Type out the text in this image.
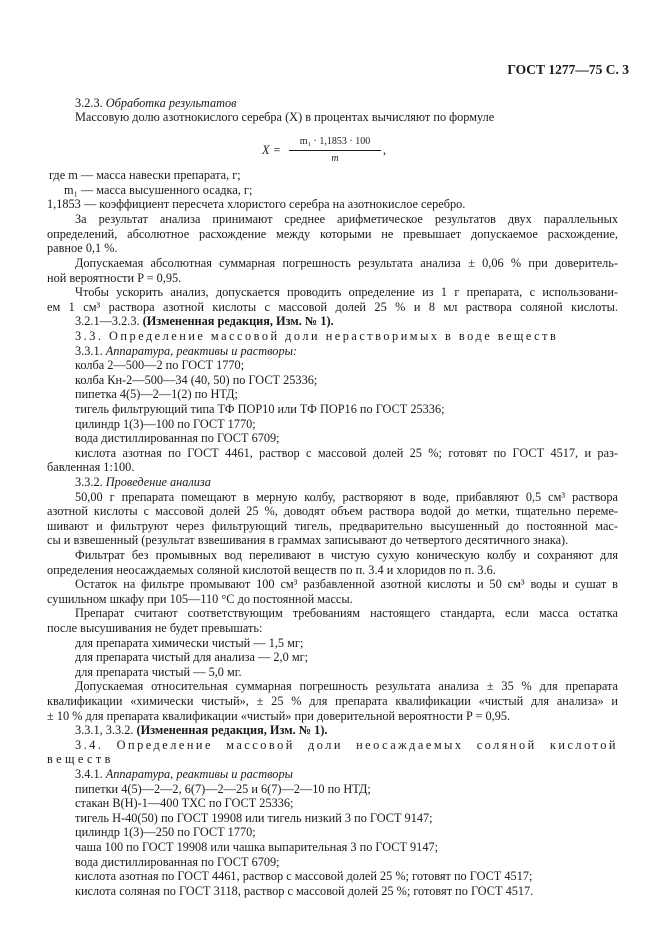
ГОСТ 1277—75 С. 3
3.2.3. Обработка результатов
Массовую долю азотнокислого серебра (X) в процентах вычисляют по формуле
X =
m₁ · 1,1853 · 100
m
,
где m — масса навески препарата, г;
m₁ — масса высушенного осадка, г;
1,1853 — коэффициент пересчета хлористого серебра на азотнокислое серебро.
За результат анализа принимают среднее арифметическое результатов двух параллельных
определений, абсолютное расхождение между которыми не превышает допускаемое расхождение,
равное 0,1 %.
Допускаемая абсолютная суммарная погрешность результата анализа ± 0,06 % при доверитель-
ной вероятности P = 0,95.
Чтобы ускорить анализ, допускается проводить определение из 1 г препарата, с использовани-
ем 1 см³ раствора азотной кислоты с массовой долей 25 % и 8 мл раствора соляной кислоты.
3.2.1—3.2.3. (Измененная редакция, Изм. № 1).
3.3. Определение массовой доли нерастворимых в воде веществ
3.3.1. Аппаратура, реактивы и растворы:
колба 2—500—2 по ГОСТ 1770;
колба Кн-2—500—34 (40, 50) по ГОСТ 25336;
пипетка 4(5)—2—1(2) по НТД;
тигель фильтрующий типа ТФ ПОР10 или ТФ ПОР16 по ГОСТ 25336;
цилиндр 1(3)—100 по ГОСТ 1770;
вода дистиллированная по ГОСТ 6709;
кислота азотная по ГОСТ 4461, раствор с массовой долей 25 %; готовят по ГОСТ 4517, и раз-
бавленная 1:100.
3.3.2. Проведение анализа
50,00 г препарата помещают в мерную колбу, растворяют в воде, прибавляют 0,5 см³ раствора
азотной кислоты с массовой долей 25 %, доводят объем раствора водой до метки, тщательно переме-
шивают и фильтруют через фильтрующий тигель, предварительно высушенный до постоянной мас-
сы и взвешенный (результат взвешивания в граммах записывают до четвертого десятичного знака).
Фильтрат без промывных вод переливают в чистую сухую коническую колбу и сохраняют для
определения неосаждаемых соляной кислотой веществ по п. 3.4 и хлоридов по п. 3.6.
Остаток на фильтре промывают 100 см³ разбавленной азотной кислоты и 50 см³ воды и сушат в
сушильном шкафу при 105—110 °С до постоянной массы.
Препарат считают соответствующим требованиям настоящего стандарта, если масса остатка
после высушивания не будет превышать:
для препарата химически чистый — 1,5 мг;
для препарата чистый для анализа — 2,0 мг;
для препарата чистый — 5,0 мг.
Допускаемая относительная суммарная погрешность результата анализа ± 35 % для препарата
квалификации «химически чистый», ± 25 % для препарата квалификации «чистый для анализа» и
± 10 % для препарата квалификации «чистый» при доверительной вероятности P = 0,95.
3.3.1, 3.3.2. (Измененная редакция, Изм. № 1).
3.4. Определение массовой доли неосаждаемых соляной кислотой
веществ
3.4.1. Аппаратура, реактивы и растворы
пипетки 4(5)—2—2, 6(7)—2—25 и 6(7)—2—10 по НТД;
стакан В(Н)-1—400 ТХС по ГОСТ 25336;
тигель Н-40(50) по ГОСТ 19908 или тигель низкий 3 по ГОСТ 9147;
цилиндр 1(3)—250 по ГОСТ 1770;
чаша 100 по ГОСТ 19908 или чашка выпарительная 3 по ГОСТ 9147;
вода дистиллированная по ГОСТ 6709;
кислота азотная по ГОСТ 4461, раствор с массовой долей 25 %; готовят по ГОСТ 4517;
кислота соляная по ГОСТ 3118, раствор с массовой долей 25 %; готовят по ГОСТ 4517.
